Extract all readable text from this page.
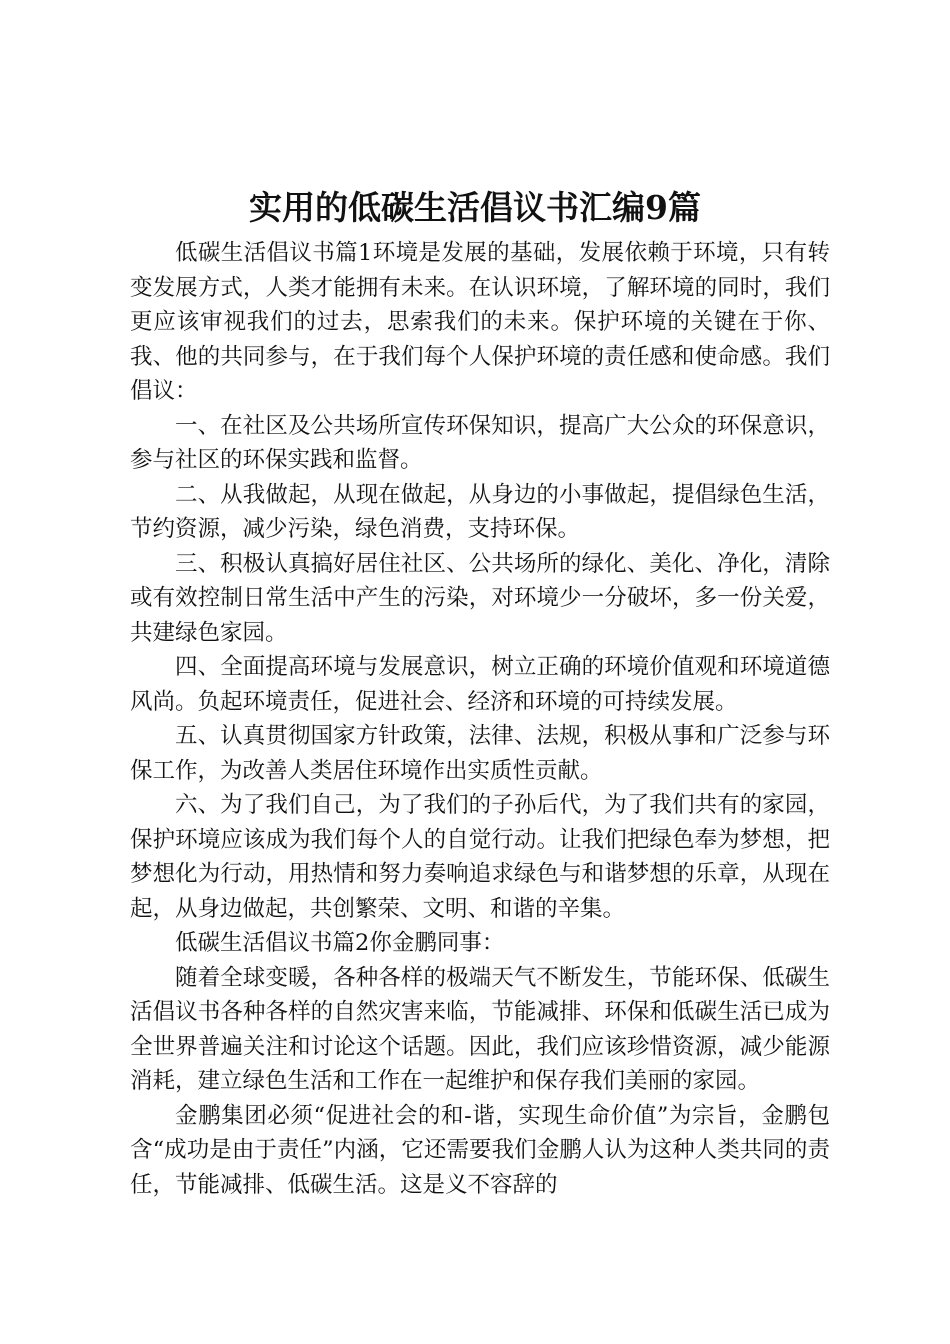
实用的低碳生活倡议书汇编9篇

低碳生活倡议书篇1环境是发展的基础，发展依赖于环境，只有转变发展方式，人类才能拥有未来。在认识环境，了解环境的同时，我们更应该审视我们的过去，思索我们的未来。保护环境的关键在于你、我、他的共同参与，在于我们每个人保护环境的责任感和使命感。我们倡议：

一、在社区及公共场所宣传环保知识，提高广大公众的环保意识，参与社区的环保实践和监督。

二、从我做起，从现在做起，从身边的小事做起，提倡绿色生活，节约资源，减少污染，绿色消费，支持环保。

三、积极认真搞好居住社区、公共场所的绿化、美化、净化，清除或有效控制日常生活中产生的污染，对环境少一分破坏，多一份关爱，共建绿色家园。

四、全面提高环境与发展意识，树立正确的环境价值观和环境道德风尚。负起环境责任，促进社会、经济和环境的可持续发展。

五、认真贯彻国家方针政策，法律、法规，积极从事和广泛参与环保工作，为改善人类居住环境作出实质性贡献。

六、为了我们自己，为了我们的子孙后代，为了我们共有的家园，保护环境应该成为我们每个人的自觉行动。让我们把绿色奉为梦想，把梦想化为行动，用热情和努力奏响追求绿色与和谐梦想的乐章，从现在起，从身边做起，共创繁荣、文明、和谐的辛集。

低碳生活倡议书篇2你金鹏同事：

随着全球变暖，各种各样的极端天气不断发生，节能环保、低碳生活倡议书各种各样的自然灾害来临，节能减排、环保和低碳生活已成为全世界普遍关注和讨论这个话题。因此，我们应该珍惜资源，减少能源消耗，建立绿色生活和工作在一起维护和保存我们美丽的家园。

金鹏集团必须“促进社会的和-谐，实现生命价值”为宗旨，金鹏包含“成功是由于责任”内涵，它还需要我们金鹏人认为这种人类共同的责任，节能减排、低碳生活。这是义不容辞的
